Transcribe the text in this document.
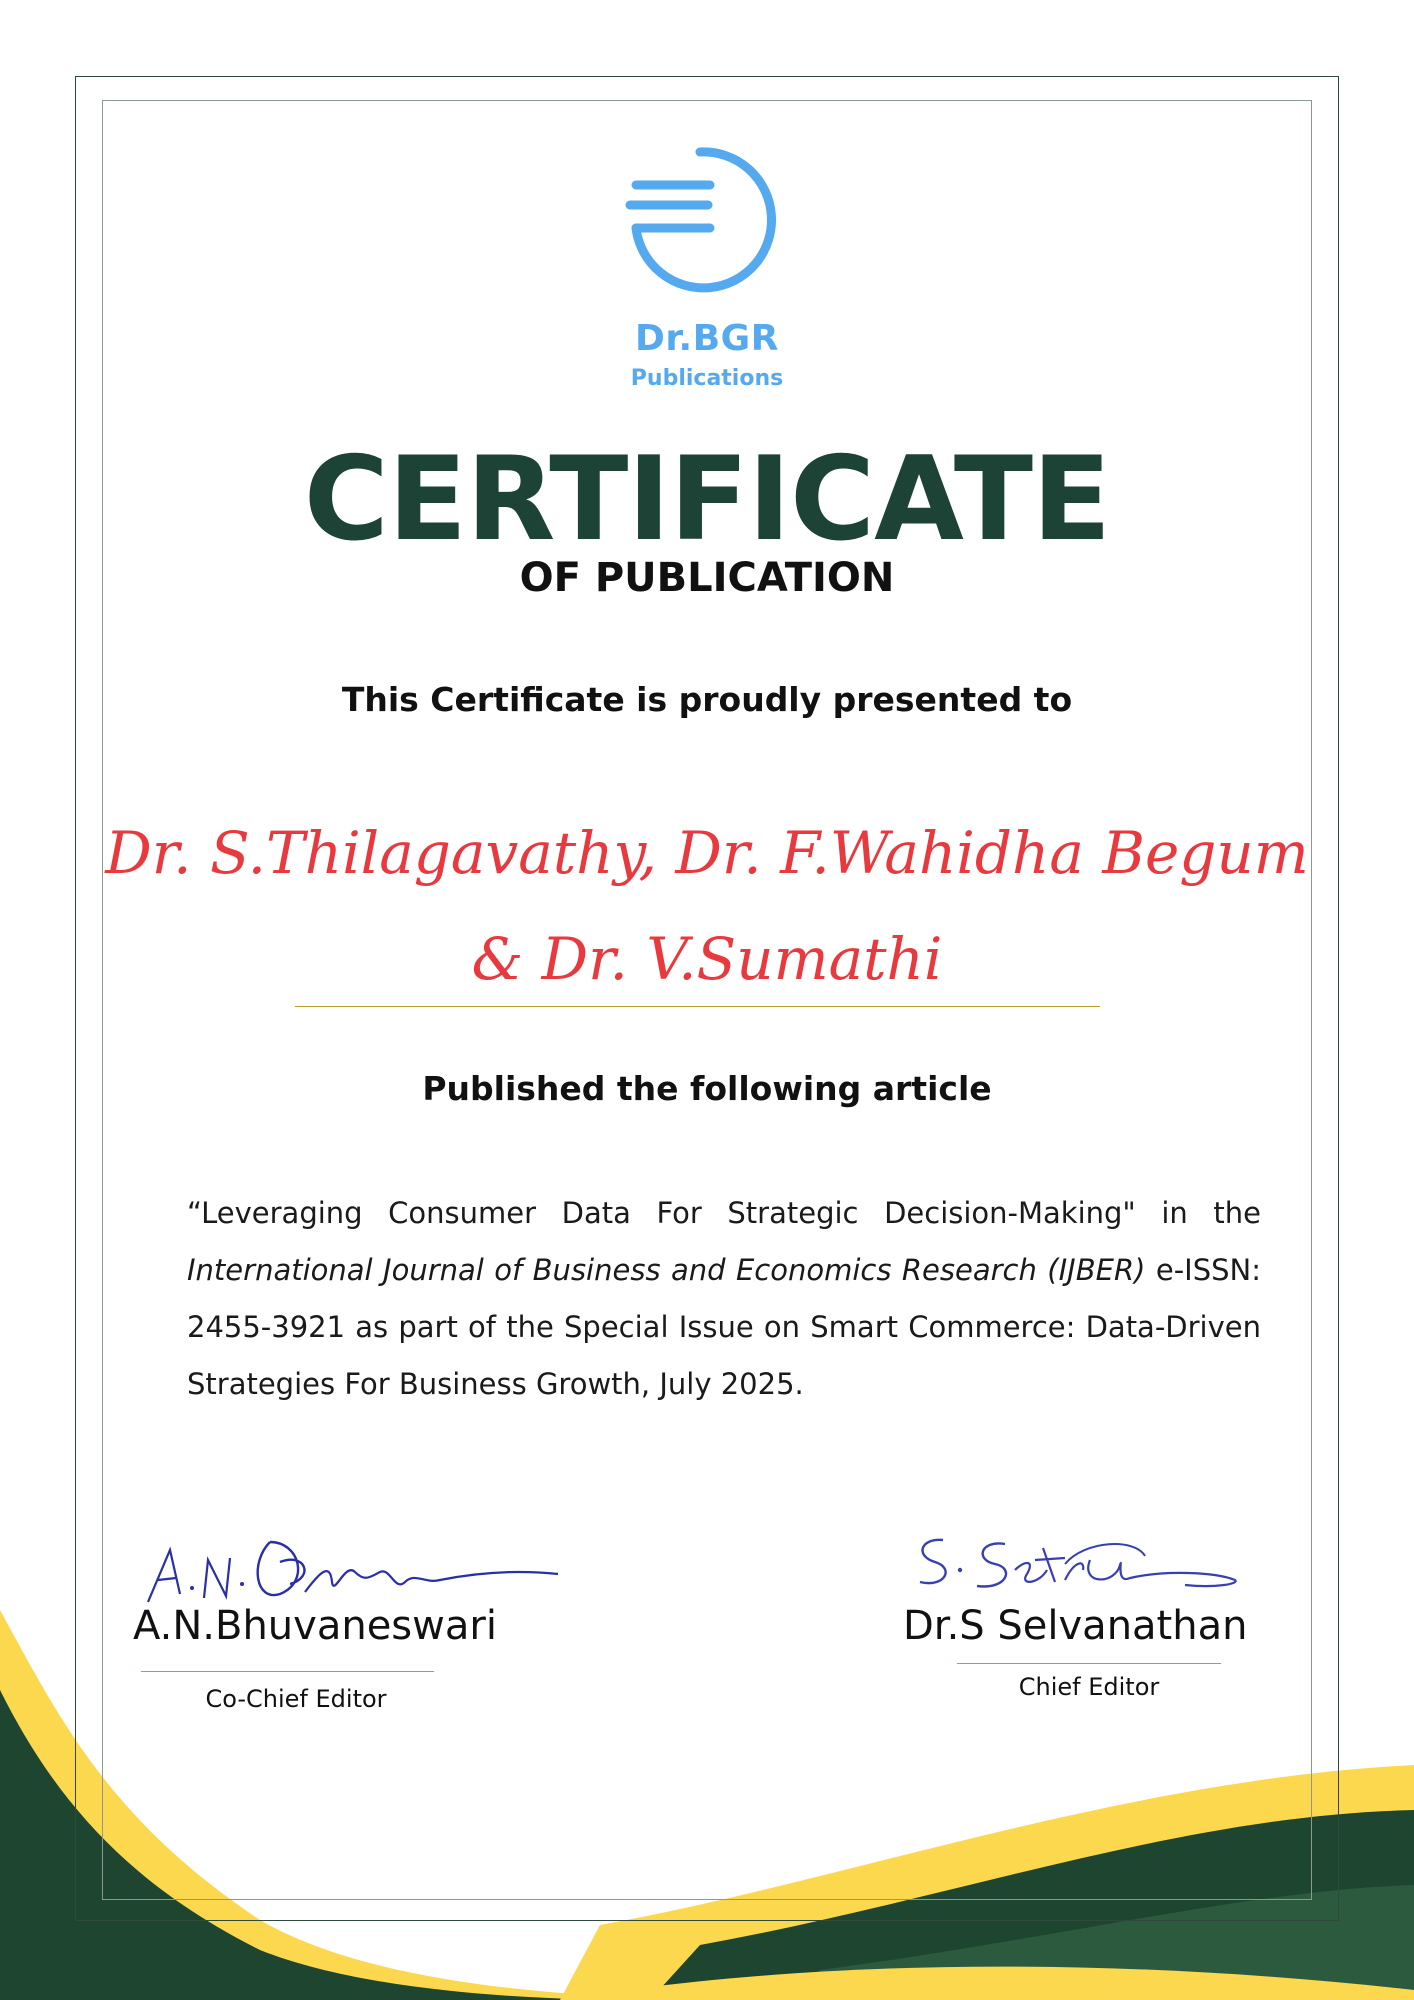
Dr.BGR
Publications
CERTIFICATE
OF PUBLICATION
This Certificate is proudly presented to
Dr. S.Thilagavathy, Dr. F.Wahidha Begum
& Dr. V.Sumathi
Published the following article
“Leveraging Consumer Data For Strategic Decision-Making" in the International Journal of Business and Economics Research (IJBER) e-ISSN: 2455-3921 as part of the Special Issue on Smart Commerce: Data-Driven Strategies For Business Growth, July 2025.
A.N.Bhuvaneswari
Co-Chief Editor
Dr.S Selvanathan
Chief Editor
